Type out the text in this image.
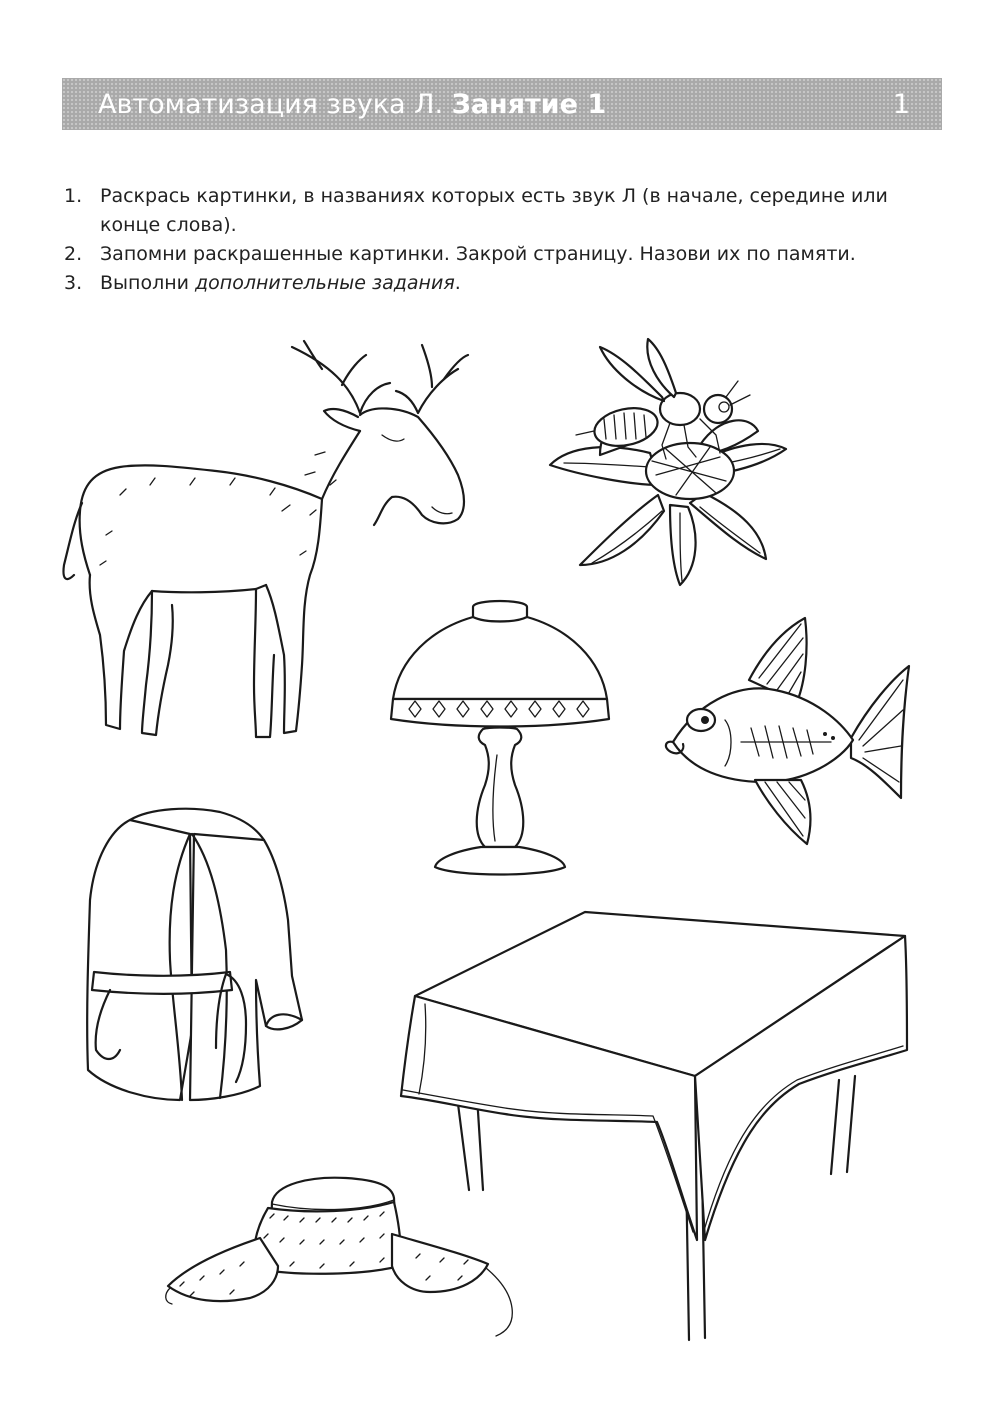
Автоматизация звука Л. Занятие 1	1
1. Раскрась картинки, в названиях которых есть звук Л (в начале, середине или конце слова).
2. Запомни раскрашенные картинки. Закрой страницу. Назови их по памяти.
3. Выполни дополнительные задания.
